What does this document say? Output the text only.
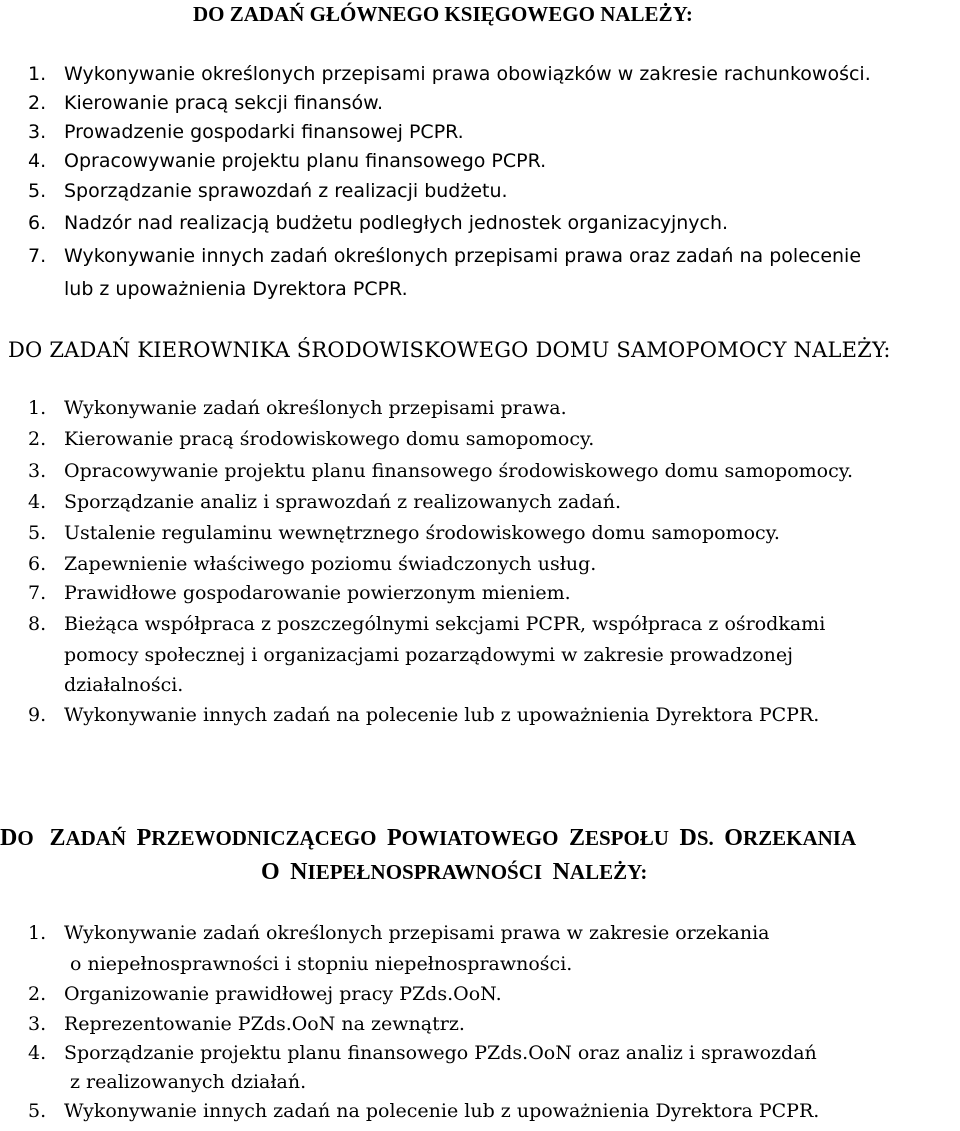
DO ZADAŃ GŁÓWNEGO KSIĘGOWEGO NALEŻY:

1. Wykonywanie określonych przepisami prawa obowiązków w zakresie rachunkowości.

2. Kierowanie pracą sekcji finansów.

3. Prowadzenie gospodarki finansowej PCPR.

4. Opracowywanie projektu planu finansowego PCPR.

5. Sporządzanie sprawozdań z realizacji budżetu.

6. Nadzór nad realizacją budżetu podległych jednostek organizacyjnych.

7. Wykonywanie innych zadań określonych przepisami prawa oraz zadań na polecenie

lub z upoważnienia Dyrektora PCPR.

DO ZADAŃ KIEROWNIKA ŚRODOWISKOWEGO DOMU SAMOPOMOCY NALEŻY:

1. Wykonywanie zadań określonych przepisami prawa.

2. Kierowanie pracą środowiskowego domu samopomocy.

3. Opracowywanie projektu planu finansowego środowiskowego domu samopomocy.

4. Sporządzanie analiz i sprawozdań z realizowanych zadań.

5. Ustalenie regulaminu wewnętrznego środowiskowego domu samopomocy.

6. Zapewnienie właściwego poziomu świadczonych usług.

7. Prawidłowe gospodarowanie powierzonym mieniem.

8. Bieżąca współpraca z poszczególnymi sekcjami PCPR, współpraca z ośrodkami

pomocy społecznej i organizacjami pozarządowymi w zakresie prowadzonej

działalności.

9. Wykonywanie innych zadań na polecenie lub z upoważnienia Dyrektora PCPR.

DO ZADAŃ PRZEWODNICZĄCEGO POWIATOWEGO ZESPOŁU DS. ORZEKANIA
O NIEPEŁNOSPRAWNOŚCI NALEŻY:

1. Wykonywanie zadań określonych przepisami prawa w zakresie orzekania

o niepełnosprawności i stopniu niepełnosprawności.

2. Organizowanie prawidłowej pracy PZds.OoN.

3. Reprezentowanie PZds.OoN na zewnątrz.

4. Sporządzanie projektu planu finansowego PZds.OoN oraz analiz i sprawozdań

z realizowanych działań.

5. Wykonywanie innych zadań na polecenie lub z upoważnienia Dyrektora PCPR.
